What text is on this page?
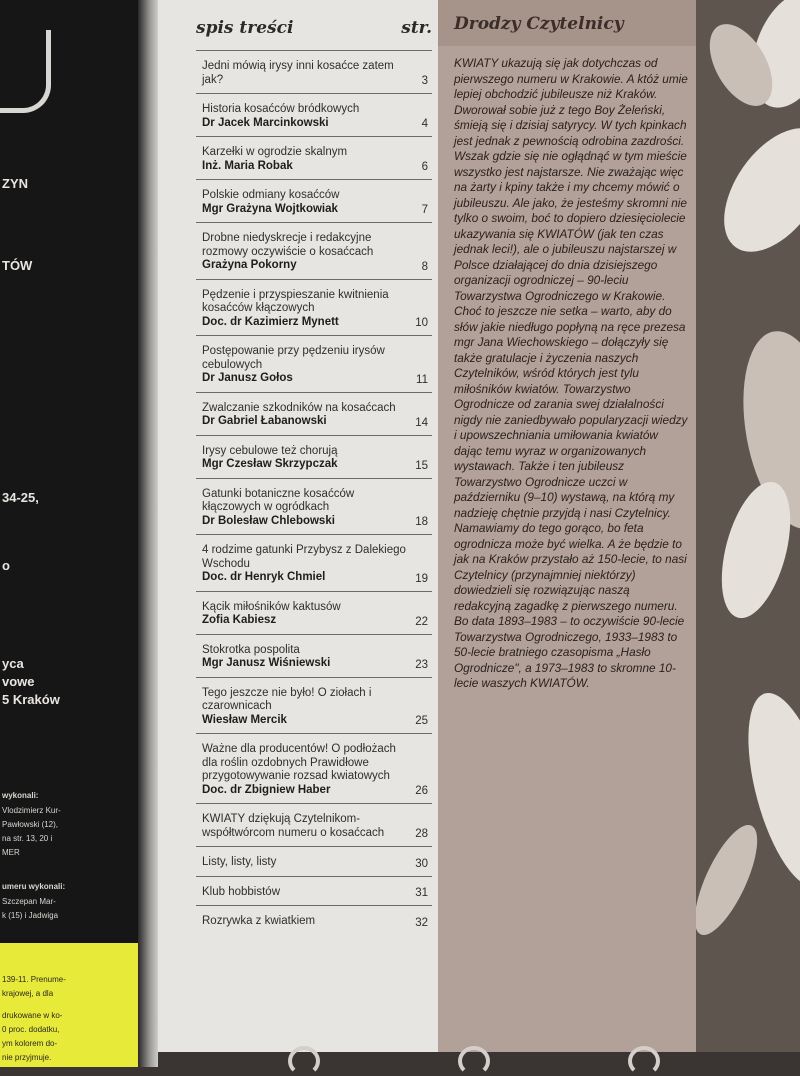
ZYN
TÓW
34-25,
o
yca
vowe
5 Kraków
wykonali:
Vlodzimierz Kur-
Pawłowski (12),
na str. 13, 20 i
MER
umeru wykonali:
Szczepan Mar-
k (15) i Jadwiga
139-11. Prenume-
krajowej, a dla
drukowane w ko-
0 proc. dodatku,
ym kolorem do-
nie przyjmuje.
spis treści	str.
Jedni mówią irysy inni kosaćce zatem jak?	3
Historia kosaćców bródkowych
Dr Jacek Marcinkowski	4
Karzełki w ogrodzie skalnym
Inż. Maria Robak	6
Polskie odmiany kosaćców
Mgr Grażyna Wojtkowiak	7
Drobne niedyskrecje i redakcyjne rozmowy oczywiście o kosaćcach
Grażyna Pokorny	8
Pędzenie i przyspieszanie kwitnienia kosaćców kłączowych
Doc. dr Kazimierz Mynett	10
Postępowanie przy pędzeniu irysów cebulowych
Dr Janusz Gołos	11
Zwalczanie szkodników na kosaćcach
Dr Gabriel Łabanowski	14
Irysy cebulowe też chorują
Mgr Czesław Skrzypczak	15
Gatunki botaniczne kosaćców kłączowych w ogródkach
Dr Bolesław Chlebowski	18
4 rodzime gatunki Przybysz z Dalekiego Wschodu
Doc. dr Henryk Chmiel	19
Kącik miłośników kaktusów
Zofia Kabiesz	22
Stokrotka pospolita
Mgr Janusz Wiśniewski	23
Tego jeszcze nie było! O ziołach i czarownicach
Wiesław Mercik	25
Ważne dla producentów! O podłożach dla roślin ozdobnych Prawidłowe przygotowywanie rozsad kwiatowych
Doc. dr Zbigniew Haber	26
KWIATY dziękują Czytelnikom-współtwórcom numeru o kosaćcach	28
Listy, listy, listy	30
Klub hobbistów	31
Rozrywka z kwiatkiem	32
Drodzy Czytelnicy

KWIATY ukazują się jak dotychczas od pierwszego numeru w Krakowie. A któż umie lepiej obchodzić jubileusze niż Kraków. Dworował sobie już z tego Boy Żeleński, śmieją się i dzisiaj satyrycy. W tych kpinkach jest jednak z pewnością odrobina zazdrości. Wszak gdzie się nie ogłądnąć w tym mieście wszystko jest najstarsze. Nie zważając więc na żarty i kpiny także i my chcemy mówić o jubileuszu. Ale jako, że jesteśmy skromni nie tylko o swoim, boć to dopiero dziesięciolecie ukazywania się KWIATÓW (jak ten czas jednak leci!), ale o jubileuszu najstarszej w Polsce działającej do dnia dzisiejszego organizacji ogrodniczej – 90-leciu Towarzystwa Ogrodniczego w Krakowie. Choć to jeszcze nie setka – warto, aby do słów jakie niedługo popłyną na ręce prezesa mgr Jana Wiechowskiego – dołączyły się także gratulacje i życzenia naszych Czytelników, wśród których jest tylu miłośników kwiatów. Towarzystwo Ogrodnicze od zarania swej działalności nigdy nie zaniedbywało popularyzacji wiedzy i upowszechniania umiłowania kwiatów dając temu wyraz w organizowanych wystawach. Także i ten jubileusz Towarzystwo Ogrodnicze uczci w październiku (9–10) wystawą, na którą my nadzieję chętnie przyjdą i nasi Czytelnicy. Namawiamy do tego gorąco, bo feta ogrodnicza może być wielka. A że będzie to jak na Kraków przystało aż 150-lecie, to nasi Czytelnicy (przynajmniej niektórzy) dowiedzieli się rozwiązując naszą redakcyjną zagadkę z pierwszego numeru. Bo data 1893–1983 – to oczywiście 90-lecie Towarzystwa Ogrodniczego, 1933–1983 to 50-lecie bratniego czasopisma „Hasło Ogrodnicze", a 1973–1983 to skromne 10-lecie waszych KWIATÓW.
